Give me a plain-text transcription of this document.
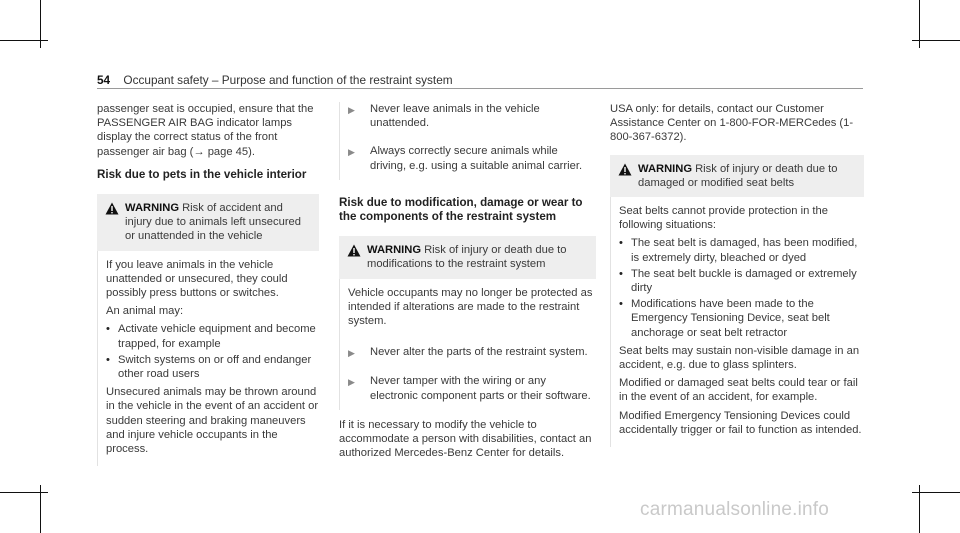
54 Occupant safety – Purpose and function of the restraint system

passenger seat is occupied, ensure that the PASSENGER AIR BAG indicator lamps display the correct status of the front passenger air bag (→ page 45).

Risk due to pets in the vehicle interior
WARNING Risk of accident and injury due to animals left unsecured or unattended in the vehicle

If you leave animals in the vehicle unattended or unsecured, they could possibly press buttons or switches.

An animal may:

• Activate vehicle equipment and become trapped, for example
• Switch systems on or off and endanger other road users

Unsecured animals may be thrown around in the vehicle in the event of an accident or sudden steering and braking maneuvers and injure vehicle occupants in the process.

▶	Never leave animals in the vehicle unattended.
▶	Always correctly secure animals while driving, e.g. using a suitable animal carrier.
Risk due to modification, damage or wear to the components of the restraint system
WARNING Risk of injury or death due to modifications to the restraint system

Vehicle occupants may no longer be protected as intended if alterations are made to the restraint system.

▶	Never alter the parts of the restraint system.
▶	Never tamper with the wiring or any electronic component parts or their software.

If it is necessary to modify the vehicle to accommodate a person with disabilities, contact an authorized Mercedes-Benz Center for details.

USA only: for details, contact our Customer Assistance Center on 1-800-FOR-MERCedes (1-800-367-6372).

WARNING Risk of injury or death due to damaged or modified seat belts

Seat belts cannot provide protection in the following situations:

• The seat belt is damaged, has been modified, is extremely dirty, bleached or dyed
• The seat belt buckle is damaged or extremely dirty
• Modifications have been made to the Emergency Tensioning Device, seat belt anchorage or seat belt retractor

Seat belts may sustain non-visible damage in an accident, e.g. due to glass splinters.

Modified or damaged seat belts could tear or fail in the event of an accident, for example.

Modified Emergency Tensioning Devices could accidentally trigger or fail to function as intended.

carmanualsonline.info
